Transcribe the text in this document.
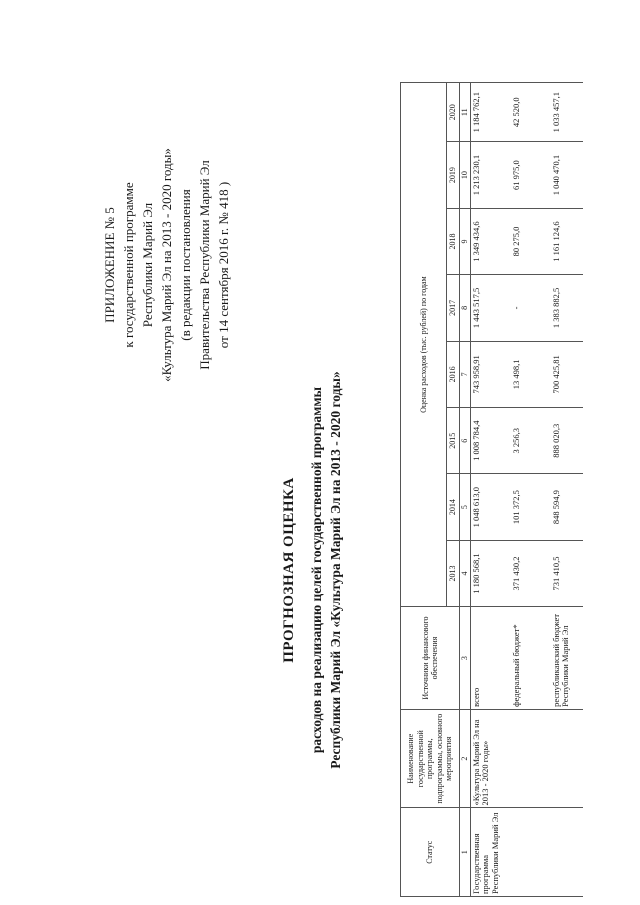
ПРИЛОЖЕНИЕ № 5 к государственной программе Республики Марий Эл «Культура Марий Эл на 2013 - 2020 годы» (в редакции постановления Правительства Республики Марий Эл от 14 сентября 2016 г. № 418 )
ПРОГНОЗНАЯ ОЦЕНКА расходов на реализацию целей государственной программы Республики Марий Эл «Культура Марий Эл на 2013 - 2020 годы»
Статус	Наименование государственной программы, подпрограммы, основного мероприятия	Источники финансового обеспечения	Оценка расходов (тыс. рублей) по годам							
			2013	2014	2015	2016	2017	2018	2019	2020
1	2	3	4	5	6	7	8	9	10	11
Государственная программа Республики Марий Эл	«Культура Марий Эл на 2013 - 2020 годы»	всего	1 180 568,1	1 048 613,0	1 008 784,4	743 958,91	1 443 517,5	1 349 434,6	1 213 230,1	1 184 762,1
		федеральный бюджет*	371 430,2	101 372,5	3 256,3	13 498,1	-	80 275,0	61 975,0	42 520,0
		республиканский бюджет Республики Марий Эл	731 410,5	848 594,9	888 020,3	700 425,81	1 383 882,5	1 161 124,6	1 040 470,1	1 033 457,1
